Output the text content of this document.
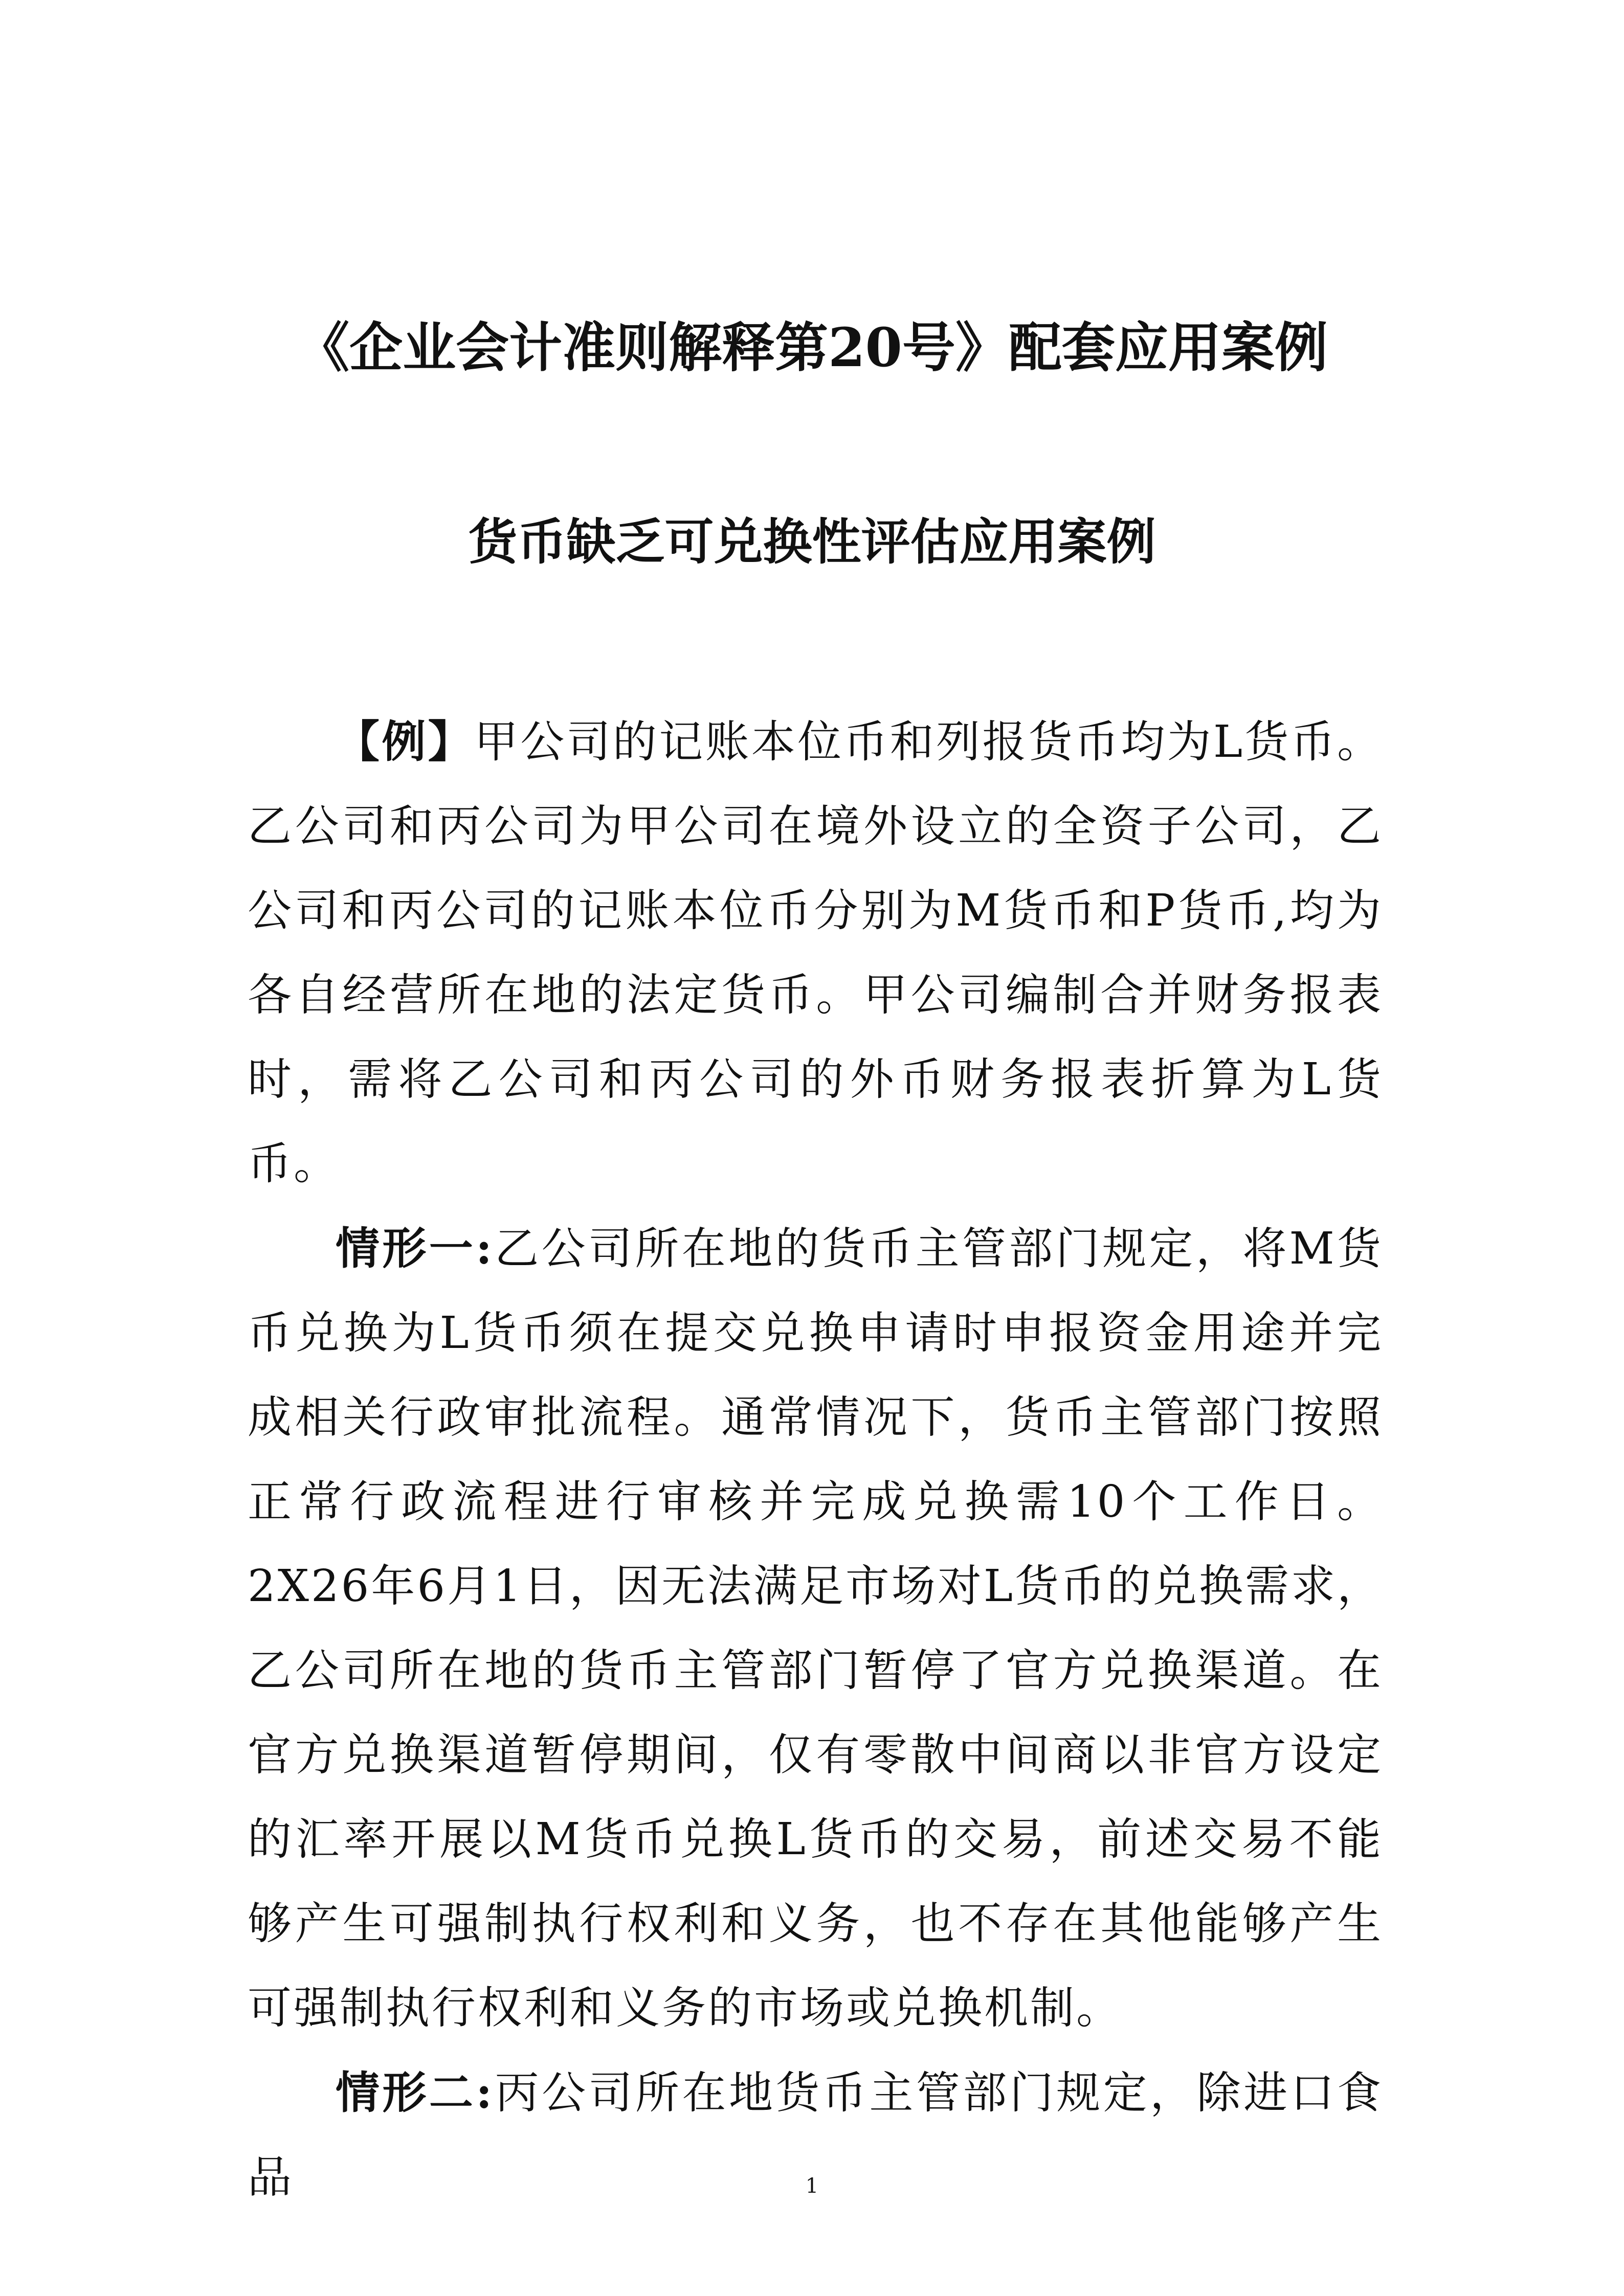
《企业会计准则解释第20号》配套应用案例
货币缺乏可兑换性评估应用案例

【例】甲公司的记账本位币和列报货币均为L货币。乙公司和丙公司为甲公司在境外设立的全资子公司，乙公司和丙公司的记账本位币分别为M货币和P货币,均为各自经营所在地的法定货币。甲公司编制合并财务报表时，需将乙公司和丙公司的外币财务报表折算为L货币。

情形一:乙公司所在地的货币主管部门规定，将M货币兑换为L货币须在提交兑换申请时申报资金用途并完成相关行政审批流程。通常情况下，货币主管部门按照正常行政流程进行审核并完成兑换需10个工作日。2X26年6月1日，因无法满足市场对L货币的兑换需求，乙公司所在地的货币主管部门暂停了官方兑换渠道。在官方兑换渠道暂停期间，仅有零散中间商以非官方设定的汇率开展以M货币兑换L货币的交易，前述交易不能够产生可强制执行权利和义务，也不存在其他能够产生可强制执行权利和义务的市场或兑换机制。

情形二:丙公司所在地货币主管部门规定，除进口食品	1
